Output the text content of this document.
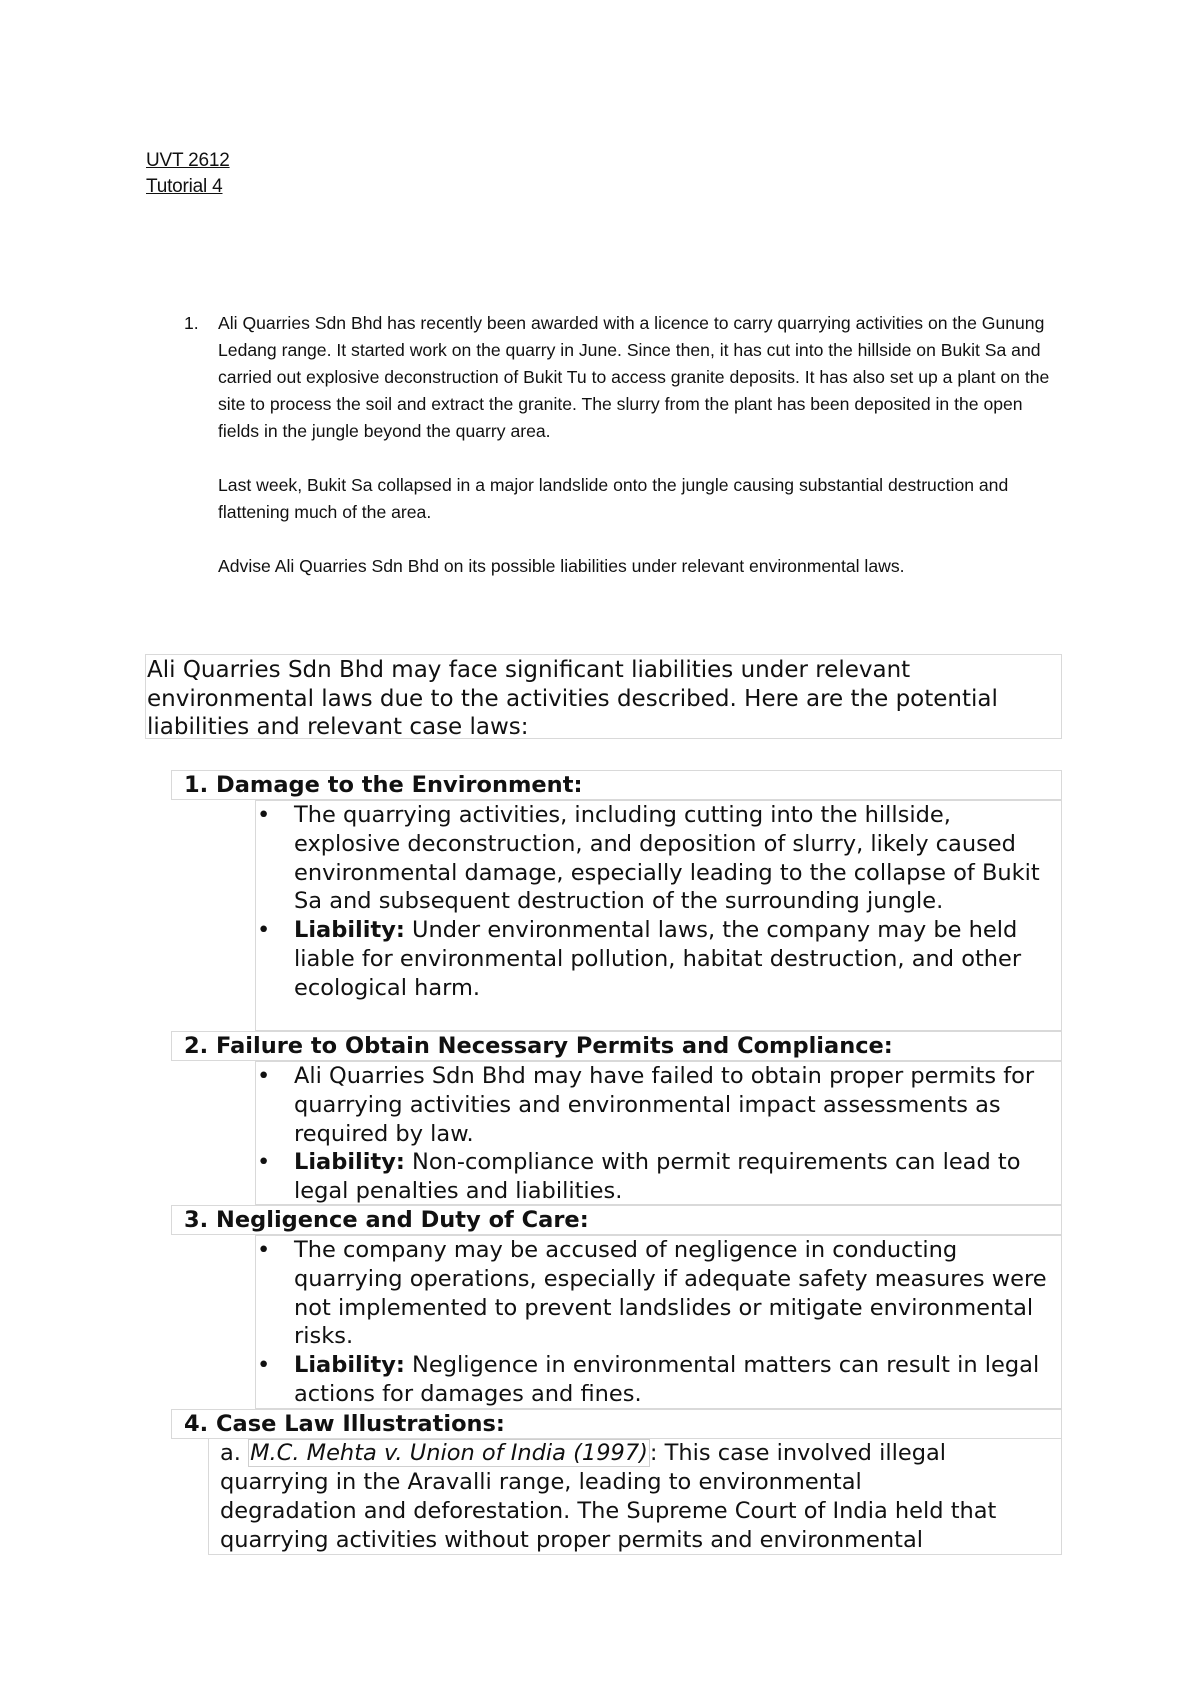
UVT 2612
Tutorial 4
1. Ali Quarries Sdn Bhd has recently been awarded with a licence to carry quarrying activities on the Gunung Ledang range. It started work on the quarry in June. Since then, it has cut into the hillside on Bukit Sa and carried out explosive deconstruction of Bukit Tu to access granite deposits. It has also set up a plant on the site to process the soil and extract the granite. The slurry from the plant has been deposited in the open fields in the jungle beyond the quarry area.

Last week, Bukit Sa collapsed in a major landslide onto the jungle causing substantial destruction and flattening much of the area.

Advise Ali Quarries Sdn Bhd on its possible liabilities under relevant environmental laws.

Ali Quarries Sdn Bhd may face significant liabilities under relevant environmental laws due to the activities described. Here are the potential liabilities and relevant case laws:
1. Damage to the Environment:
• The quarrying activities, including cutting into the hillside, explosive deconstruction, and deposition of slurry, likely caused environmental damage, especially leading to the collapse of Bukit Sa and subsequent destruction of the surrounding jungle.
• Liability: Under environmental laws, the company may be held liable for environmental pollution, habitat destruction, and other ecological harm.
2. Failure to Obtain Necessary Permits and Compliance:
• Ali Quarries Sdn Bhd may have failed to obtain proper permits for quarrying activities and environmental impact assessments as required by law.
• Liability: Non-compliance with permit requirements can lead to legal penalties and liabilities.
3. Negligence and Duty of Care:
• The company may be accused of negligence in conducting quarrying operations, especially if adequate safety measures were not implemented to prevent landslides or mitigate environmental risks.
• Liability: Negligence in environmental matters can result in legal actions for damages and fines.
4. Case Law Illustrations:
a. M.C. Mehta v. Union of India (1997): This case involved illegal
quarrying in the Aravalli range, leading to environmental
degradation and deforestation. The Supreme Court of India held that
quarrying activities without proper permits and environmental
